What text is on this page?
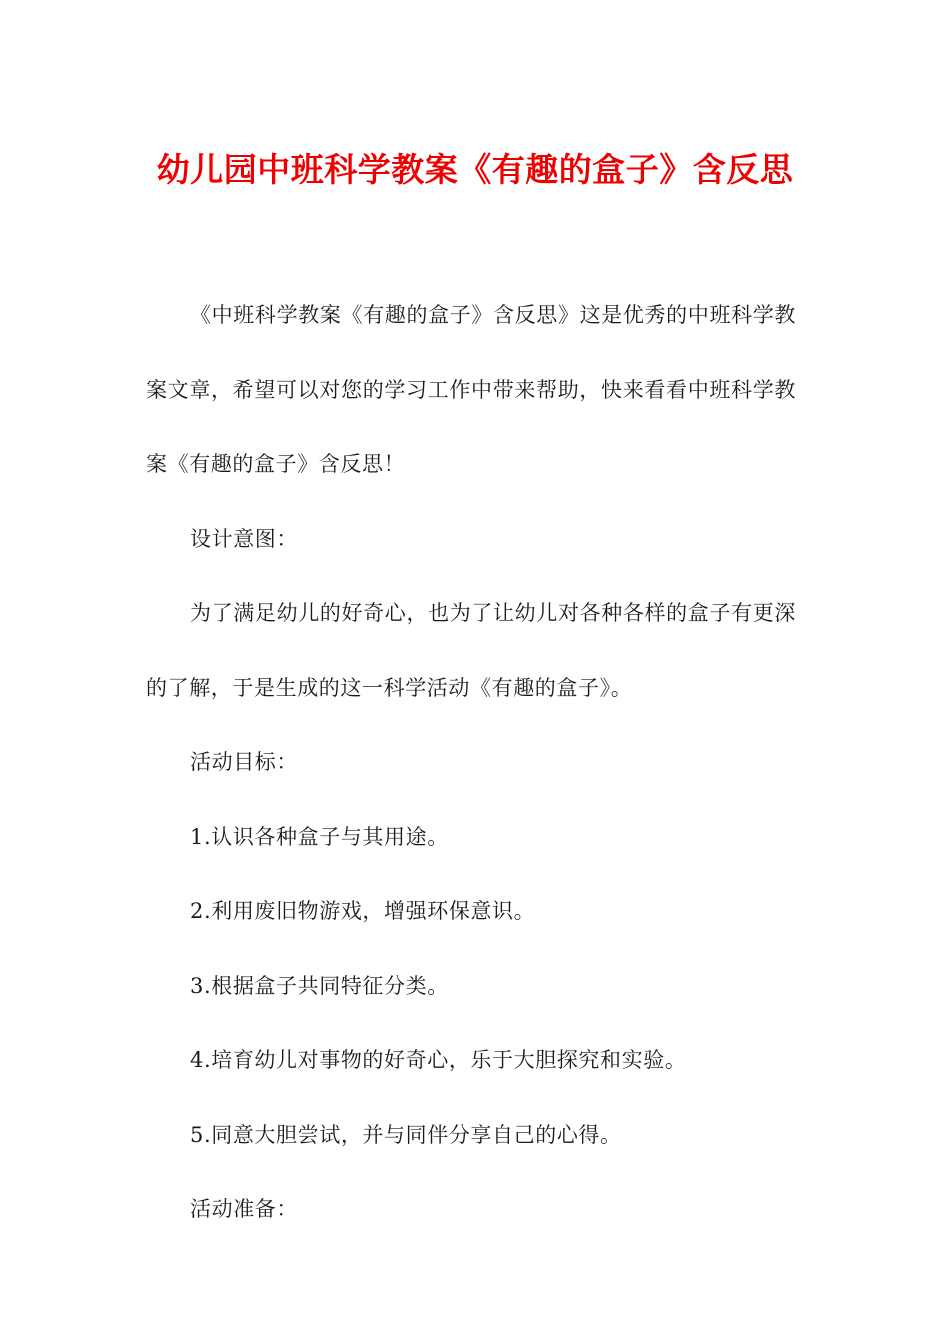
幼儿园中班科学教案《有趣的盒子》含反思

《中班科学教案《有趣的盒子》含反思》这是优秀的中班科学教案文章，希望可以对您的学习工作中带来帮助，快来看看中班科学教案《有趣的盒子》含反思！

设计意图：

为了满足幼儿的好奇心，也为了让幼儿对各种各样的盒子有更深的了解，于是生成的这一科学活动《有趣的盒子》。

活动目标：

1.认识各种盒子与其用途。

2.利用废旧物游戏，增强环保意识。

3.根据盒子共同特征分类。

4.培育幼儿对事物的好奇心，乐于大胆探究和实验。

5.同意大胆尝试，并与同伴分享自己的心得。

活动准备：
